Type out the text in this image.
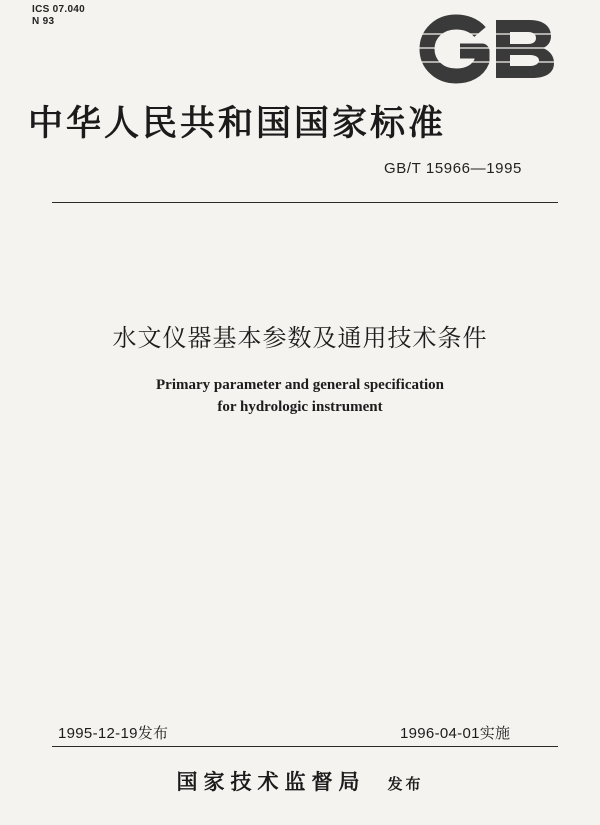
ICS 07.040
N 93
中华人民共和国国家标准
GB/T 15966—1995
水文仪器基本参数及通用技术条件
Primary parameter and general specification
for hydrologic instrument
1995-12-19发布	1996-04-01实施
国家技术监督局 发布
